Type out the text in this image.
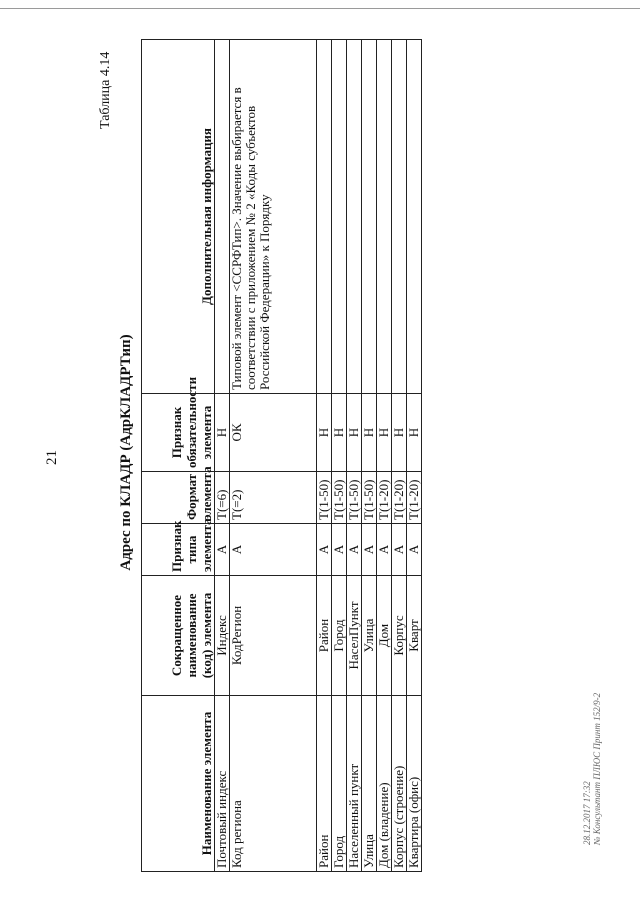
21
Таблица 4.14
Адрес по КЛАДР (АдрКЛАДРТип)
Наименование элемента	Сокращенное наименование (код) элемента	Признак типа элемента	Формат элемента	Признак обязательности элемента	Дополнительная информация
Почтовый индекс	Индекс	А	T(=6)	Н	
Код региона	КодРегион	А	T(=2)	ОК	Типовой элемент <ССРФТип>. Значение выбирается в соответствии с приложением № 2 «Коды субъектов Российской Федерации» к Порядку
Район	Район	А	T(1-50)	Н	
Город	Город	А	T(1-50)	Н	
Населенный пункт	НаселПункт	А	T(1-50)	Н	
Улица	Улица	А	T(1-50)	Н	
Дом (владение)	Дом	А	T(1-20)	Н	
Корпус (строение)	Корпус	А	T(1-20)	Н	
Квартира (офис)	Кварт	А	T(1-20)	Н	
28.12.2017 17:32 № Консультант ПЛЮС Принт 152/9-2
